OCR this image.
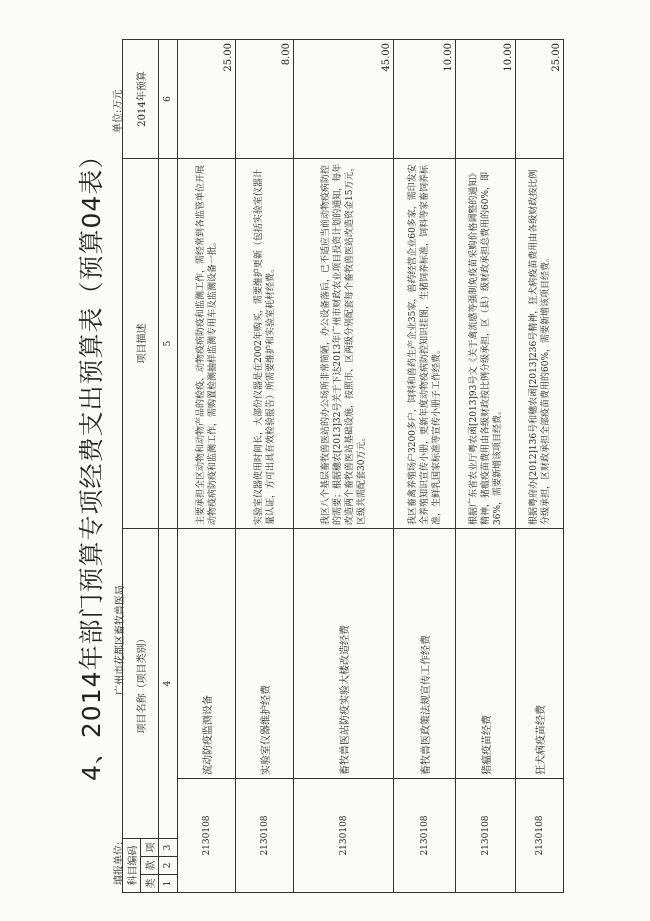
4、2014年部门预算专项经费支出预算表（预算04表）
填报单位:
广州市花都区畜牧兽医局
单位:万元
科目编码			项目名称（项目类别）		项目描述	2014年预算
类	款	项				
1	2	3	4		5	6
2130108				流动防疫监测设备	主要承担全区动物和动物产品的检疫、动物疫病防疫和监测工作，需经常到各监管单位开展动物疫病防疫和监测工作，需购置检测抽样监测专用车及监测设备一批。	25.00
2130108				实验室仪器维护经费	实验室仪器使用时间长，大部份仪器是在2002年购买，需要维护更新（包括实验室仪器计量认证，方可出具有效检验报告）所需要维护和实验室耗材经费。	8.00
2130108				畜牧兽医站防疫实验大楼改造经费	我区八个基层畜牧兽医站的办公场所非常简陋，办公设备落后，已不适应当前动物疫病防控的需要；根据穗农[2013]32号关于下达2013年广州市财政农业项目投资计划的通知，每年改造两个畜牧兽医站基础设施，按照市、区两级分别配套每个畜牧兽医站改造资金15万元，区级共需配套30万元。	45.00
2130108				畜牧兽医政策法规宣传工作经费	我区畜禽养殖场户3200多户，饲料和兽药生产企业35家，兽药经营企业60多家，需印发安全养殖知识宣传小册，更新年度动物疫病防控知识挂图，生猪饲养标准，饲料等家畜饲养标准，生鲜乳国家标准等宣传小册子工作经费。	10.00
2130108				猪瘟疫苗经费	根据广东省农业厅粤农函[2013]93号文《关于禽流感等强制免疫苗采购价格调整的通知》精神，猪瘟疫苗费用由各级财政按比例分级承担，区（县）级财政承担总费用的60%，即36%，需要新增该项目经费。	10.00
2130108				狂犬病疫苗经费	根据粤府办[2012]136号和穗农函[2013]236号精神，狂犬病疫苗费用由各级财政按比例分级承担，区财政承担全部疫苗费用的60%，需要新增该项目经费。	25.00
